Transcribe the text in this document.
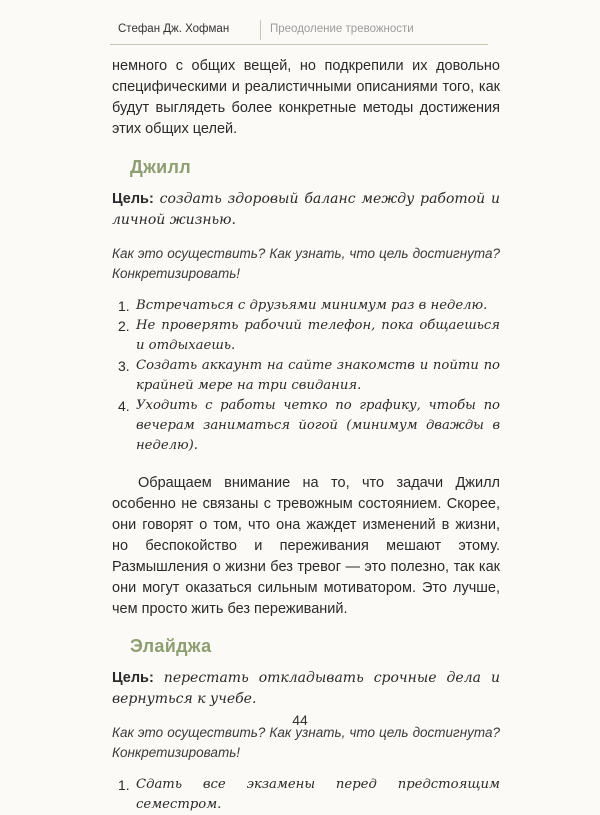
Стефан Дж. Хофман	Преодоление тревожности

немного с общих вещей, но подкрепили их довольно специфическими и реалистичными описаниями того, как будут выглядеть более конкретные методы достижения этих общих целей.

Джилл

Цель: создать здоровый баланс между работой и личной жизнью.

Как это осуществить? Как узнать, что цель достигнута? Конкретизировать!

1. Встречаться с друзьями минимум раз в неделю.
2. Не проверять рабочий телефон, пока общаешься и отдыхаешь.
3. Создать аккаунт на сайте знакомств и пойти по крайней мере на три свидания.
4. Уходить с работы четко по графику, чтобы по вечерам заниматься йогой (минимум дважды в неделю).

Обращаем внимание на то, что задачи Джилл особенно не связаны с тревожным состоянием. Скорее, они говорят о том, что она жаждет изменений в жизни, но беспокойство и переживания мешают этому. Размышления о жизни без тревог — это полезно, так как они могут оказаться сильным мотиватором. Это лучше, чем просто жить без переживаний.

Элайджа

Цель: перестать откладывать срочные дела и вернуться к учебе.

Как это осуществить? Как узнать, что цель достигнута? Конкретизировать!

1. Сдать все экзамены перед предстоящим семестром.
44
